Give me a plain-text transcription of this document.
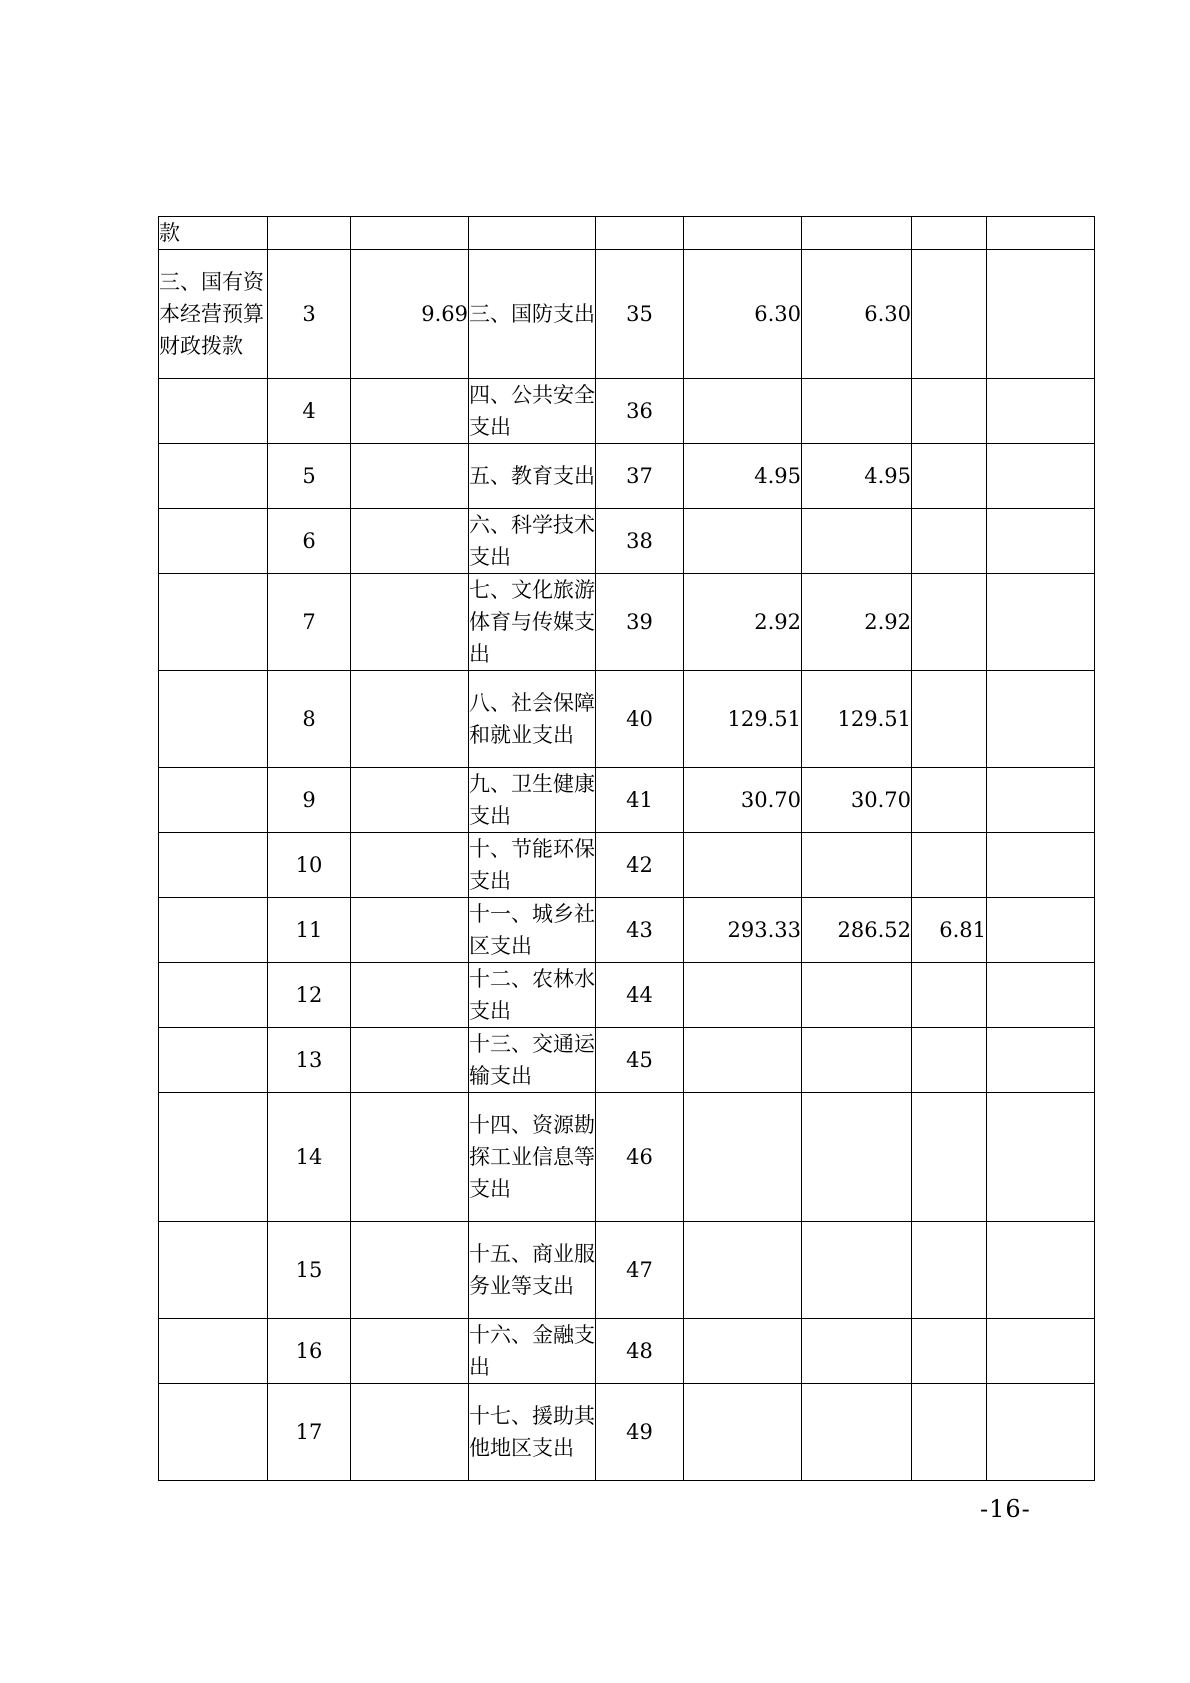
款								
三、国有资本经营预算财政拨款	3	9.69	三、国防支出	35	6.30	6.30		
	4		四、公共安全支出	36				
	5		五、教育支出	37	4.95	4.95		
	6		六、科学技术支出	38				
	7		七、文化旅游体育与传媒支出	39	2.92	2.92		
	8		八、社会保障和就业支出	40	129.51	129.51		
	9		九、卫生健康支出	41	30.70	30.70		
	10		十、节能环保支出	42				
	11		十一、城乡社区支出	43	293.33	286.52	6.81	
	12		十二、农林水支出	44				
	13		十三、交通运输支出	45				
	14		十四、资源勘探工业信息等支出	46				
	15		十五、商业服务业等支出	47				
	16		十六、金融支出	48				
	17		十七、援助其他地区支出	49				
-16-
